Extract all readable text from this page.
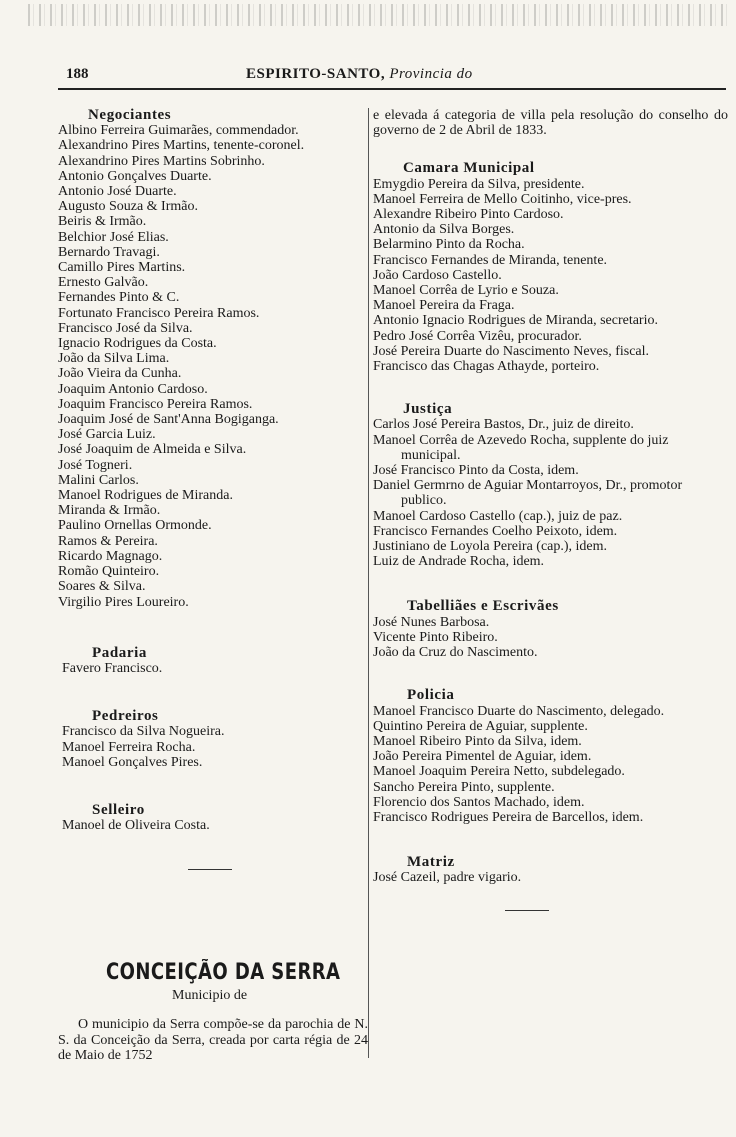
188	ESPIRITO-SANTO, Provincia do
Negociantes
Albino Ferreira Guimarães, commendador.
Alexandrino Pires Martins, tenente-coronel.
Alexandrino Pires Martins Sobrinho.
Antonio Gonçalves Duarte.
Antonio José Duarte.
Augusto Souza & Irmão.
Beiris & Irmão.
Belchior José Elias.
Bernardo Travagi.
Camillo Pires Martins.
Ernesto Galvão.
Fernandes Pinto & C.
Fortunato Francisco Pereira Ramos.
Francisco José da Silva.
Ignacio Rodrigues da Costa.
João da Silva Lima.
João Vieira da Cunha.
Joaquim Antonio Cardoso.
Joaquim Francisco Pereira Ramos.
Joaquim José de Sant'Anna Bogiganga.
José Garcia Luiz.
José Joaquim de Almeida e Silva.
José Togneri.
Malini Carlos.
Manoel Rodrigues de Miranda.
Miranda & Irmão.
Paulino Ornellas Ormonde.
Ramos & Pereira.
Ricardo Magnago.
Romão Quinteiro.
Soares & Silva.
Virgilio Pires Loureiro.
Padaria
Favero Francisco.
Pedreiros
Francisco da Silva Nogueira.
Manoel Ferreira Rocha.
Manoel Gonçalves Pires.
Selleiro
Manoel de Oliveira Costa.
CONCEIÇÃO DA SERRA
Municipio de

O municipio da Serra compõe-se da parochia de N. S. da Conceição da Serra, creada por carta régia de 24 de Maio de 1752

e elevada á categoria de villa pela resolução do conselho do governo de 2 de Abril de 1833.

Camara Municipal
Emygdio Pereira da Silva, presidente.
Manoel Ferreira de Mello Coitinho, vice-pres.
Alexandre Ribeiro Pinto Cardoso.
Antonio da Silva Borges.
Belarmino Pinto da Rocha.
Francisco Fernandes de Miranda, tenente.
João Cardoso Castello.
Manoel Corrêa de Lyrio e Souza.
Manoel Pereira da Fraga.
Antonio Ignacio Rodrigues de Miranda, secretario.
Pedro José Corrêa Vizêu, procurador.
José Pereira Duarte do Nascimento Neves, fiscal.
Francisco das Chagas Athayde, porteiro.
Justiça
Carlos José Pereira Bastos, Dr., juiz de direito.
Manoel Corrêa de Azevedo Rocha, supplente do juiz municipal.
José Francisco Pinto da Costa, idem.
Daniel Germrno de Aguiar Montarroyos, Dr., promotor publico.
Manoel Cardoso Castello (cap.), juiz de paz.
Francisco Fernandes Coelho Peixoto, idem.
Justiniano de Loyola Pereira (cap.), idem.
Luiz de Andrade Rocha, idem.
Tabelliães e Escrivães
José Nunes Barbosa.
Vicente Pinto Ribeiro.
João da Cruz do Nascimento.
Policia
Manoel Francisco Duarte do Nascimento, delegado.
Quintino Pereira de Aguiar, supplente.
Manoel Ribeiro Pinto da Silva, idem.
João Pereira Pimentel de Aguiar, idem.
Manoel Joaquim Pereira Netto, subdelegado.
Sancho Pereira Pinto, supplente.
Florencio dos Santos Machado, idem.
Francisco Rodrigues Pereira de Barcellos, idem.
Matriz
José Cazeil, padre vigario.
